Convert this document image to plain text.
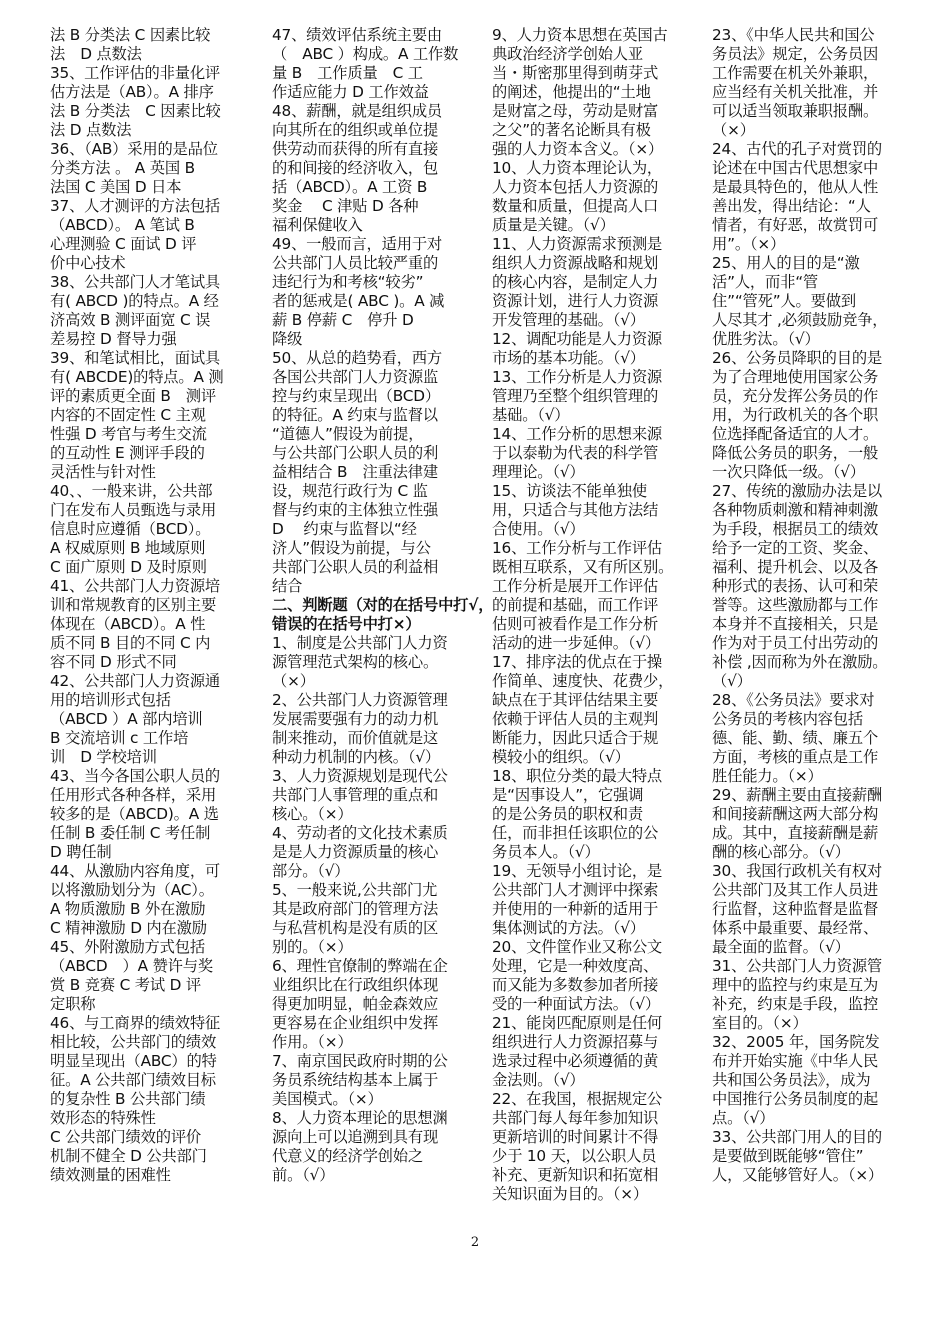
法 B 分类法 C 因素比较
法　D 点数法
35、工作评估的非量化评
估方法是（AB）。A 排序
法 B 分类法　C 因素比较
法 D 点数法
36、（AB）采用的是品位
分类方法 。 A 英国 B
法国 C 美国 D 日本
37、人才测评的方法包括
（ABCD）。 A 笔试 B
心理测验 C 面试 D 评
价中心技术
38、公共部门人才笔试具
有( ABCD )的特点。A 经
济高效 B 测评面宽 C 误
差易控 D 督导力强
39、和笔试相比，面试具
有( ABCDE)的特点。A 测
评的素质更全面 B　测评
内容的不固定性 C 主观
性强 D 考官与考生交流
的互动性 E 测评手段的
灵活性与针对性
40、、一般来讲，公共部
门在发布人员甄选与录用
信息时应遵循（BCD）。
A 权威原则 B 地域原则
C 面广原则 D 及时原则
41、公共部门人力资源培
训和常规教育的区别主要
体现在（ABCD）。A 性
质不同 B 目的不同 C 内
容不同 D 形式不同
42、公共部门人力资源通
用的培训形式包括
（ABCD ）A 部内培训
B 交流培训 c 工作培
训　D 学校培训
43、当今各国公职人员的
任用形式各种各样，采用
较多的是（ABCD)。A 选
任制 B 委任制 C 考任制
D 聘任制
44、从激励内容角度，可
以将激励划分为（AC）。
A 物质激励 B 外在激励
C 精神激励 D 内在激励
45、外附激励方式包括
（ABCD　）A 赞许与奖
赏 B 竞赛 C 考试 D 评
定职称
46、与工商界的绩效特征
相比较，公共部门的绩效
明显呈现出（ABC）的特
征。A 公共部门绩效目标
的复杂性 B 公共部门绩
效形态的特殊性
C 公共部门绩效的评价
机制不健全 D 公共部门
绩效测量的困难性
47、绩效评估系统主要由
（　ABC ）构成。A 工作数
量 B　工作质量　C 工
作适应能力 D 工作效益
48、薪酬，就是组织成员
向其所在的组织或单位提
供劳动而获得的所有直接
的和间接的经济收入，包
括（ABCD）。A 工资 B
奖金　 C 津贴 D 各种
福利保健收入
49、一般而言，适用于对
公共部门人员比较严重的
违纪行为和考核“较劣”
者的惩戒是( ABC )。A 减
薪 B 停薪 C　停升 D
降级
50、从总的趋势看，西方
各国公共部门人力资源监
控与约束呈现出（BCD）
的特征。A 约束与监督以
“道德人”假设为前提，
与公共部门公职人员的利
益相结合 B　注重法律建
设，规范行政行为 C 监
督与约束的主体独立性强
D　 约束与监督以“经
济人”假设为前提，与公
共部门公职人员的利益相
结合
二、判断题（对的在括号中打√，
错误的在括号中打×）
1、制度是公共部门人力资
源管理范式架构的核心。
（×）
2、公共部门人力资源管理
发展需要强有力的动力机
制来推动，而价值就是这
种动力机制的内核。（√）
3、人力资源规划是现代公
共部门人事管理的重点和
核心。（×）
4、劳动者的文化技术素质
是是人力资源质量的核心
部分。（√）
5、一般来说,公共部门尤
其是政府部门的管理方法
与私营机构是没有质的区
别的。（×）
6、理性官僚制的弊端在企
业组织比在行政组织体现
得更加明显，帕金森效应
更容易在企业组织中发挥
作用。（×）
7、南京国民政府时期的公
务员系统结构基本上属于
美国模式。（×）
8、人力资本理论的思想渊
源向上可以追溯到具有现
代意义的经济学创始之
前。（√）
9、人力资本思想在英国古
典政治经济学创始人亚
当・斯密那里得到萌芽式
的阐述，他提出的“土地
是财富之母，劳动是财富
之父”的著名论断具有极
强的人力资本含义。（×）
10、人力资本理论认为，
人力资本包括人力资源的
数量和质量，但提高人口
质量是关键。（√）
11、人力资源需求预测是
组织人力资源战略和规划
的核心内容，是制定人力
资源计划，进行人力资源
开发管理的基础。（√）
12、调配功能是人力资源
市场的基本功能。（√）
13、工作分析是人力资源
管理乃至整个组织管理的
基础。（√）
14、工作分析的思想来源
于以泰勒为代表的科学管
理理论。（√）
15、访谈法不能单独使
用，只适合与其他方法结
合使用。（√）
16、工作分析与工作评估
既相互联系，又有所区别。
工作分析是展开工作评估
的前提和基础，而工作评
估则可被看作是工作分析
活动的进一步延伸。（√）
17、排序法的优点在于操
作简单、速度快、花费少，
缺点在于其评估结果主要
依赖于评估人员的主观判
断能力，因此只适合于规
模较小的组织。（√）
18、职位分类的最大特点
是“因事设人”，它强调
的是公务员的职权和责
任，而非担任该职位的公
务员本人。（√）
19、无领导小组讨论，是
公共部门人才测评中探索
并使用的一种新的适用于
集体测试的方法。（√）
20、文件筐作业又称公文
处理，它是一种效度高、
而又能为多数参加者所接
受的一种面试方法。（√）
21、能岗匹配原则是任何
组织进行人力资源招募与
选录过程中必须遵循的黄
金法则。（√）
22、在我国，根据规定公
共部门每人每年参加知识
更新培训的时间累计不得
少于 10 天，以公职人员
补充、更新知识和拓宽相
关知识面为目的。（×）
23、《中华人民共和国公
务员法》规定，公务员因
工作需要在机关外兼职，
应当经有关机关批准，并
可以适当领取兼职报酬。
（×）
24、古代的孔子对赏罚的
论述在中国古代思想家中
是最具特色的，他从人性
善出发，得出结论：“人
情者，有好恶，故赏罚可
用”。（×）
25、用人的目的是“激
活”人，而非“管
住”“管死”人。要做到
人尽其才 ,必须鼓励竞争，
优胜劣汰。（√）
26、公务员降职的目的是
为了合理地使用国家公务
员，充分发挥公务员的作
用，为行政机关的各个职
位选择配备适宜的人才。
降低公务员的职务，一般
一次只降低一级。（√）
27、传统的激励办法是以
各种物质刺激和精神刺激
为手段，根据员工的绩效
给予一定的工资、奖金、
福利、提升机会、以及各
种形式的表扬、认可和荣
誉等。这些激励都与工作
本身并不直接相关，只是
作为对于员工付出劳动的
补偿 ,因而称为外在激励。
（√）
28、《公务员法》要求对
公务员的考核内容包括
德、能、勤、绩、廉五个
方面，考核的重点是工作
胜任能力。（×）
29、薪酬主要由直接薪酬
和间接薪酬这两大部分构
成。其中，直接薪酬是薪
酬的核心部分。（√）
30、我国行政机关有权对
公共部门及其工作人员进
行监督，这种监督是监督
体系中最重要、最经常、
最全面的监督。（√）
31、公共部门人力资源管
理中的监控与约束是互为
补充，约束是手段，监控
室目的。（×）
32、2005 年，国务院发
布并开始实施《中华人民
共和国公务员法》，成为
中国推行公务员制度的起
点。（√）
33、公共部门用人的目的
是要做到既能够“管住”
人，又能够管好人。（×）
2
